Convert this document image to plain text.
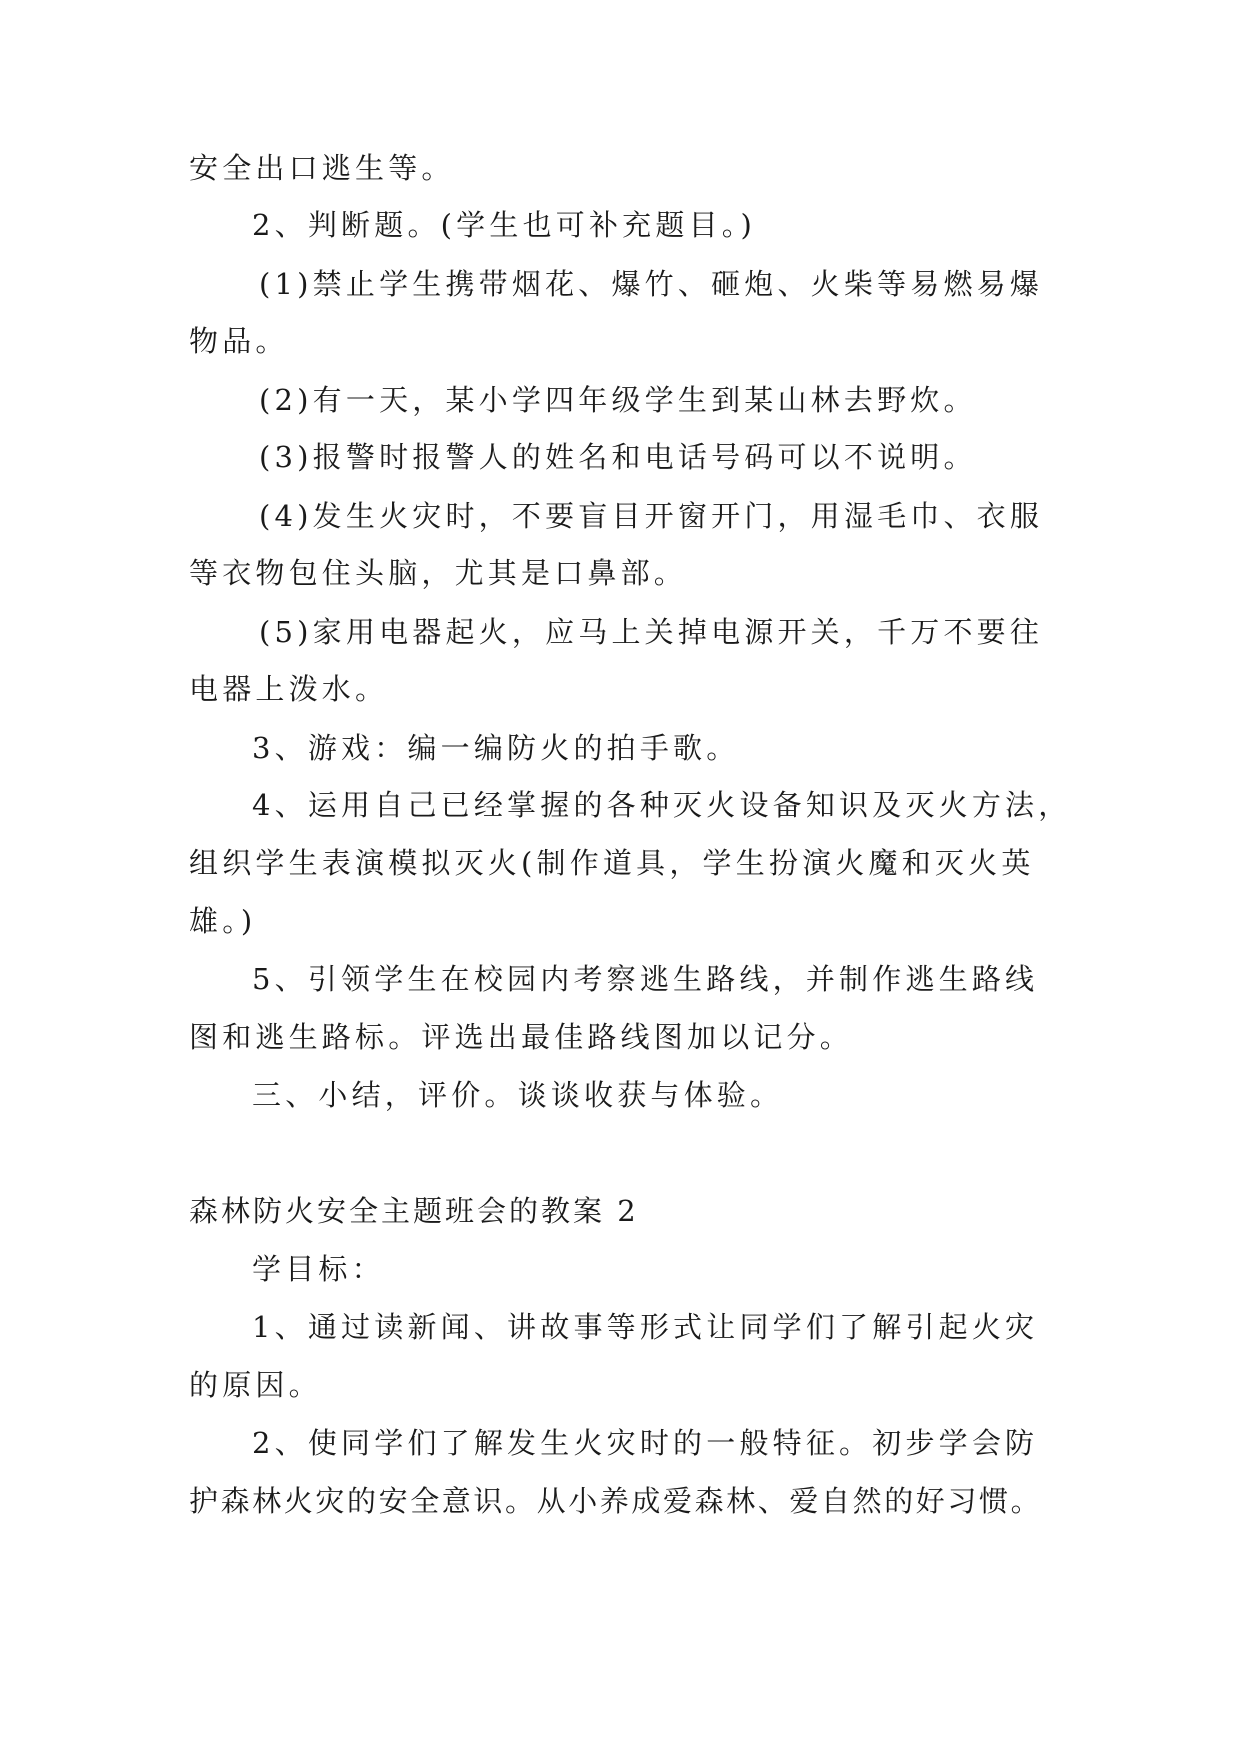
安全出口逃生等。

2、判断题。(学生也可补充题目。)

(1)禁止学生携带烟花、爆竹、砸炮、火柴等易燃易爆

物品。

(2)有一天，某小学四年级学生到某山林去野炊。

(3)报警时报警人的姓名和电话号码可以不说明。

(4)发生火灾时，不要盲目开窗开门，用湿毛巾、衣服

等衣物包住头脑，尤其是口鼻部。

(5)家用电器起火，应马上关掉电源开关，千万不要往

电器上泼水。

3、游戏：编一编防火的拍手歌。

4、运用自己已经掌握的各种灭火设备知识及灭火方法，

组织学生表演模拟灭火(制作道具，学生扮演火魔和灭火英

雄。)

5、引领学生在校园内考察逃生路线，并制作逃生路线

图和逃生路标。评选出最佳路线图加以记分。

三、小结，评价。谈谈收获与体验。

森林防火安全主题班会的教案 2

学目标：

1、通过读新闻、讲故事等形式让同学们了解引起火灾

的原因。

2、使同学们了解发生火灾时的一般特征。初步学会防

护森林火灾的安全意识。从小养成爱森林、爱自然的好习惯。
